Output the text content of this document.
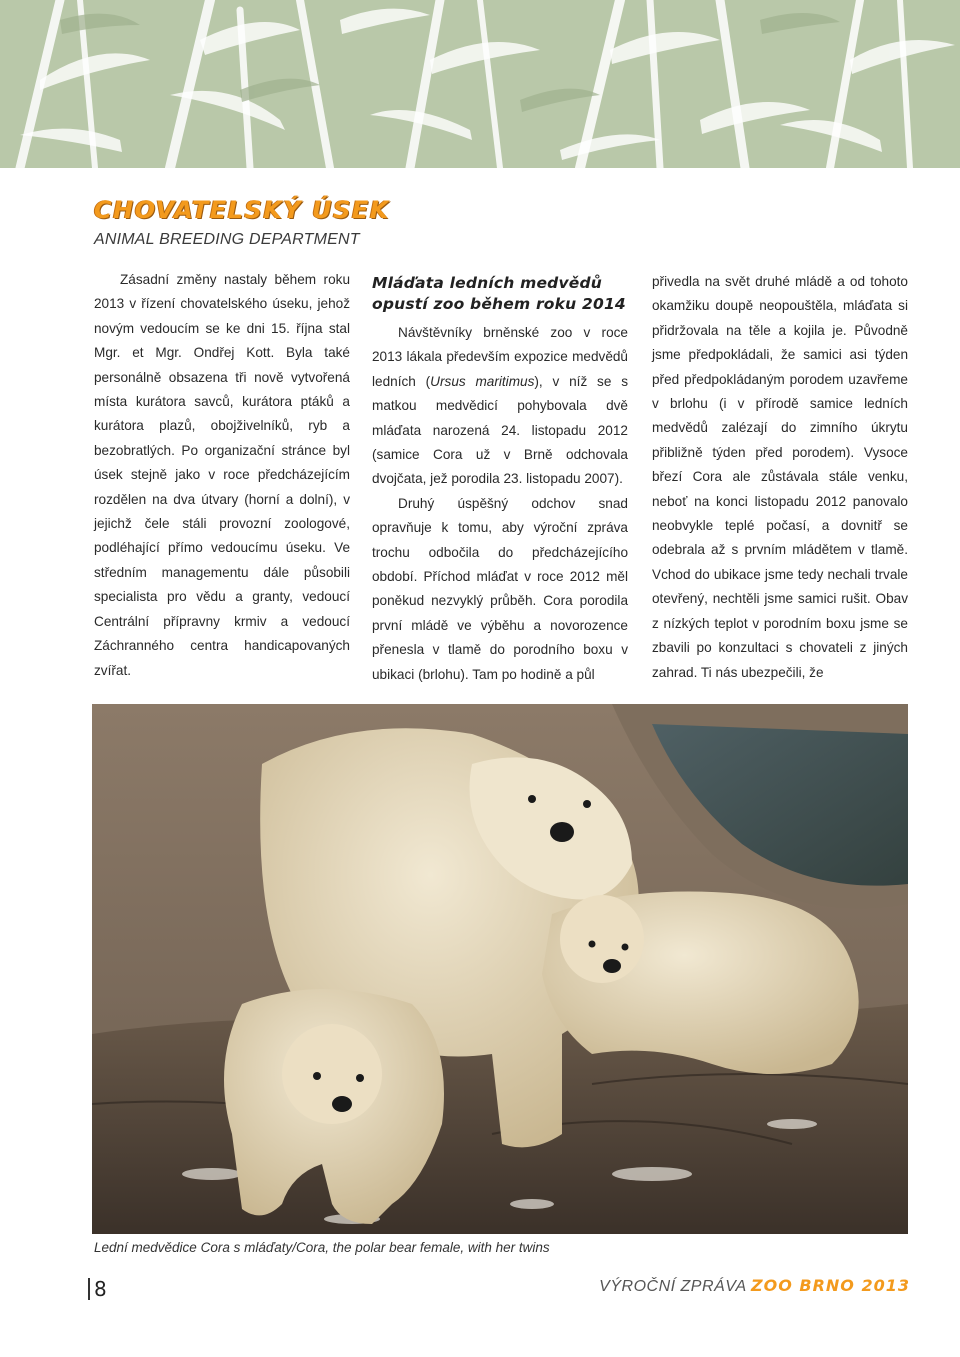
CHOVATELSKÝ ÚSEK
ANIMAL BREEDING DEPARTMENT

Zásadní změny nastaly během roku 2013 v řízení chovatelského úseku, jehož novým vedoucím se ke dni 15. října stal Mgr. et Mgr. Ondřej Kott. Byla také personálně obsazena tři nově vytvořená místa kurátora savců, kurátora ptáků a kurátora plazů, obojživelníků, ryb a bezobratlých. Po organizační stránce byl úsek stejně jako v roce předcházejícím rozdělen na dva útvary (horní a dolní), v jejichž čele stáli provozní zoologové, podléhající přímo vedoucímu úseku. Ve středním managementu dále působili specialista pro vědu a granty, vedoucí Centrální přípravny krmiv a vedoucí Záchranného centra handicapovaných zvířat.

Mláďata ledních medvědů opustí zoo během roku 2014

Návštěvníky brněnské zoo v roce 2013 lákala především expozice medvědů ledních (Ursus maritimus), v níž se s matkou medvědicí pohybovala dvě mláďata narozená 24. listopadu 2012 (samice Cora už v Brně odchovala dvojčata, jež porodila 23. listopadu 2007).

Druhý úspěšný odchov snad opravňuje k tomu, aby výroční zpráva trochu odbočila do předcházejícího období. Příchod mláďat v roce 2012 měl poněkud nezvyklý průběh. Cora porodila první mládě ve výběhu a novorozence přenesla v tlamě do porodního boxu v ubikaci (brlohu). Tam po hodině a půl

přivedla na svět druhé mládě a od tohoto okamžiku doupě neopouštěla, mláďata si přidržovala na těle a kojila je. Původně jsme předpokládali, že samici asi týden před předpokládaným porodem uzavřeme v brlohu (i v přírodě samice ledních medvědů zalézají do zimního úkrytu přibližně týden před porodem). Vysoce březí Cora ale zůstávala stále venku, neboť na konci listopadu 2012 panovalo neobvykle teplé počasí, a dovnitř se odebrala až s prvním mládětem v tlamě. Vchod do ubikace jsme tedy nechali trvale otevřený, nechtěli jsme samici rušit. Obav z nízkých teplot v porodním boxu jsme se zbavili po konzultaci s chovateli z jiných zahrad. Ti nás ubezpečili, že

Lední medvědice Cora s mláďaty/Cora, the polar bear female, with her twins
8	VÝROČNÍ ZPRÁVA ZOO BRNO 2013
